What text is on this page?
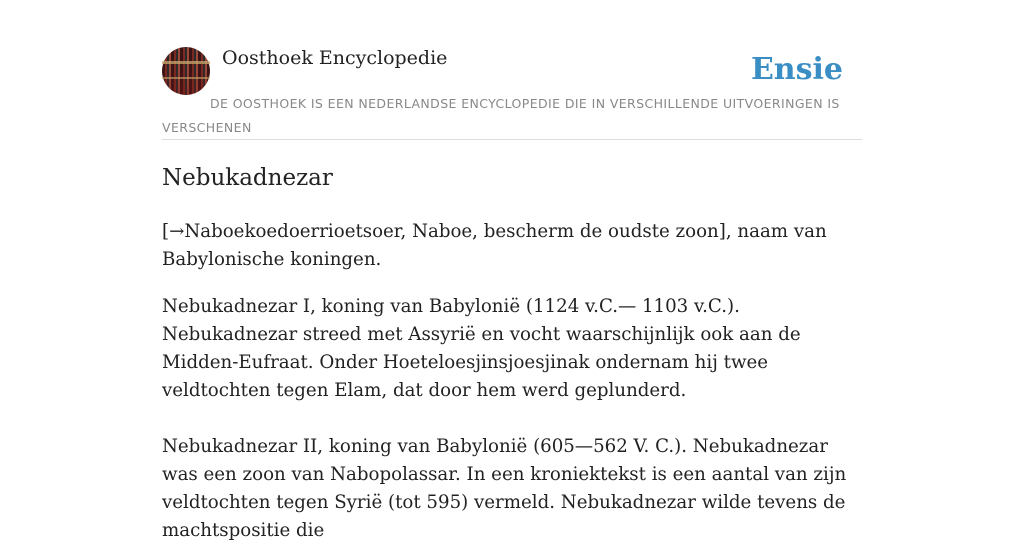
Oosthoek Encyclopedie	Ensie
DE OOSTHOEK IS EEN NEDERLANDSE ENCYCLOPEDIE DIE IN VERSCHILLENDE UITVOERINGEN IS VERSCHENEN
Nebukadnezar

[→Naboekoedoerrioetsoer, Naboe, bescherm de oudste zoon], naam van Babylonische koningen.

Nebukadnezar I, koning van Babylonië (1124 v.C.— 1103 v.C.). Nebukadnezar streed met Assyrië en vocht waarschijnlijk ook aan de Midden-Eufraat. Onder Hoeteloesjinsjoesjinak ondernam hij twee veldtochten tegen Elam, dat door hem werd geplunderd.

Nebukadnezar II, koning van Babylonië (605—562 V. C.). Nebukadnezar was een zoon van Nabopolassar. In een kroniektekst is een aantal van zijn veldtochten tegen Syrië (tot 595) vermeld. Nebukadnezar wilde tevens de machtspositie die
